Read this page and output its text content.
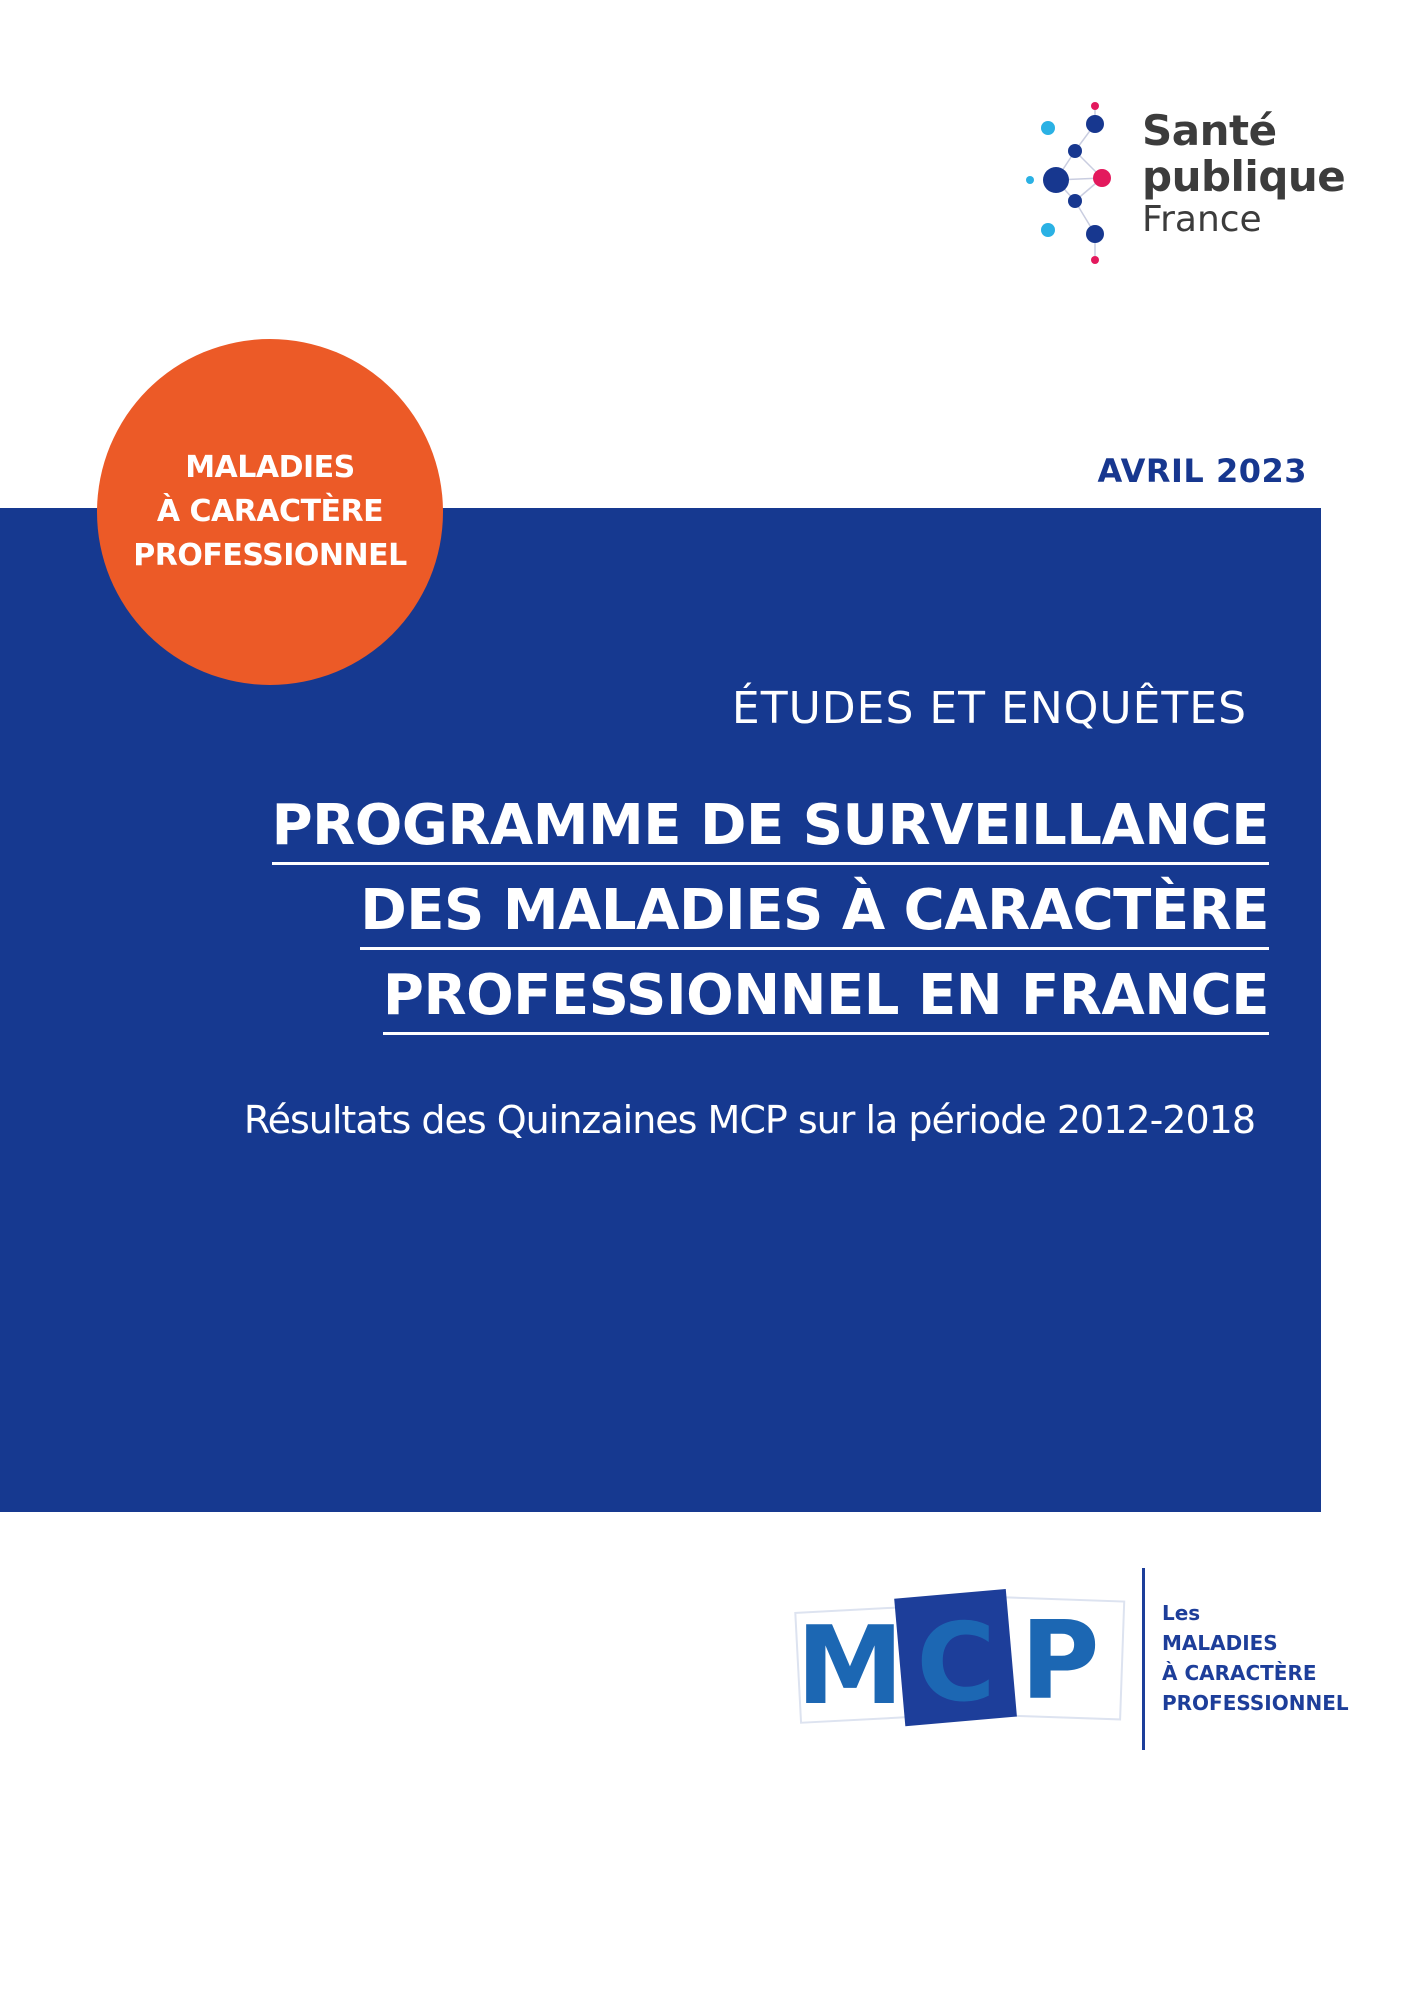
Santé
publique
France
AVRIL 2023
MALADIES
À CARACTÈRE
PROFESSIONNEL
ÉTUDES ET ENQUÊTES
PROGRAMME DE SURVEILLANCE
DES MALADIES À CARACTÈRE
PROFESSIONNEL EN FRANCE
Résultats des Quinzaines MCP sur la période 2012-2018
M C P	Les
MALADIES
À CARACTÈRE
PROFESSIONNEL
